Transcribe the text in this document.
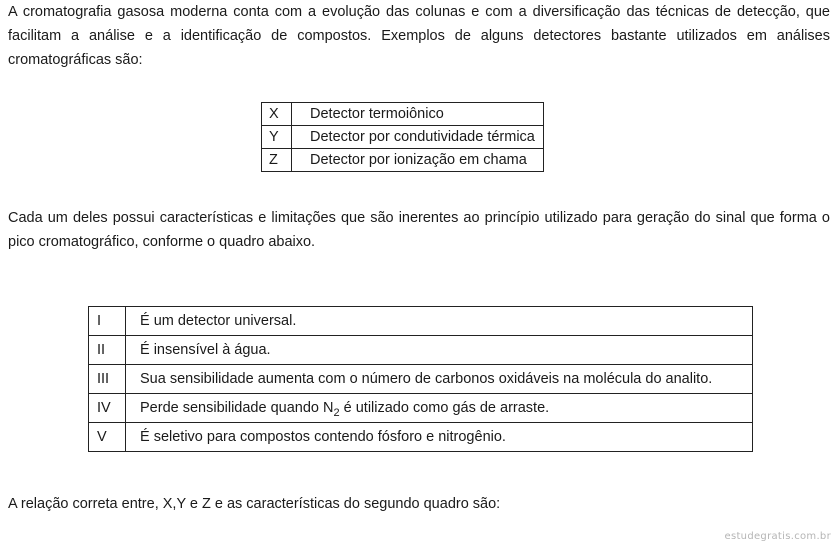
A cromatografia gasosa moderna conta com a evolução das colunas e com a diversificação das técnicas de detecção, que facilitam a análise e a identificação de compostos. Exemplos de alguns detectores bastante utilizados em análises cromatográficas são:

X	Detector termoiônico
Y	Detector por condutividade térmica
Z	Detector por ionização em chama

Cada um deles possui características e limitações que são inerentes ao princípio utilizado para geração do sinal que forma o pico cromatográfico, conforme o quadro abaixo.

I	É um detector universal.
II	É insensível à água.
III	Sua sensibilidade aumenta com o número de carbonos oxidáveis na molécula do analito.
IV	Perde sensibilidade quando $N_2$ é utilizado como gás de arraste.
V	É seletivo para compostos contendo fósforo e nitrogênio.

A relação correta entre, X,Y e Z e as características do segundo quadro são:

estudegratis.com.br
